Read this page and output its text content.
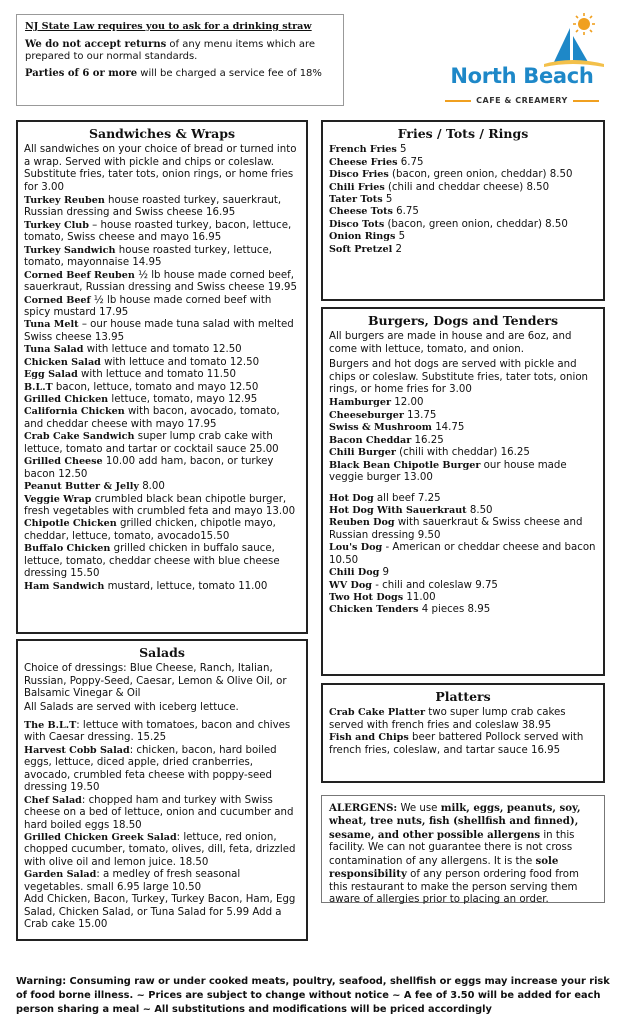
NJ State Law requires you to ask for a drinking straw

We do not accept returns of any menu items which are prepared to our normal standards.

Parties of 6 or more will be charged a service fee of 18%	North Beach
CAFE & CREAMERY
Sandwiches & Wraps
All sandwiches on your choice of bread or turned into a wrap. Served with pickle and chips or coleslaw. Substitute fries, tater tots, onion rings, or home fries for 3.00
Turkey Reuben house roasted turkey, sauerkraut, Russian dressing and Swiss cheese 16.95
Turkey Club – house roasted turkey, bacon, lettuce, tomato, Swiss cheese and mayo 16.95
Turkey Sandwich house roasted turkey, lettuce, tomato, mayonnaise 14.95
Corned Beef Reuben ½ lb house made corned beef, sauerkraut, Russian dressing and Swiss cheese 19.95
Corned Beef ½ lb house made corned beef with spicy mustard 17.95
Tuna Melt – our house made tuna salad with melted Swiss cheese 13.95
Tuna Salad with lettuce and tomato 12.50
Chicken Salad with lettuce and tomato 12.50
Egg Salad with lettuce and tomato 11.50
B.L.T bacon, lettuce, tomato and mayo 12.50
Grilled Chicken lettuce, tomato, mayo 12.95
California Chicken with bacon, avocado, tomato, and cheddar cheese with mayo 17.95
Crab Cake Sandwich super lump crab cake with lettuce, tomato and tartar or cocktail sauce 25.00
Grilled Cheese 10.00 add ham, bacon, or turkey bacon 12.50
Peanut Butter & Jelly 8.00
Veggie Wrap crumbled black bean chipotle burger, fresh vegetables with crumbled feta and mayo 13.00
Chipotle Chicken grilled chicken, chipotle mayo, cheddar, lettuce, tomato, avocado15.50
Buffalo Chicken grilled chicken in buffalo sauce, lettuce, tomato, cheddar cheese with blue cheese dressing 15.50
Ham Sandwich mustard, lettuce, tomato 11.00
Salads
Choice of dressings: Blue Cheese, Ranch, Italian, Russian, Poppy-Seed, Caesar, Lemon & Olive Oil, or Balsamic Vinegar & Oil
All Salads are served with iceberg lettuce.
The B.L.T: lettuce with tomatoes, bacon and chives with Caesar dressing. 15.25
Harvest Cobb Salad: chicken, bacon, hard boiled eggs, lettuce, diced apple, dried cranberries, avocado, crumbled feta cheese with poppy-seed dressing 19.50
Chef Salad: chopped ham and turkey with Swiss cheese on a bed of lettuce, onion and cucumber and hard boiled eggs 18.50
Grilled Chicken Greek Salad: lettuce, red onion, chopped cucumber, tomato, olives, dill, feta, drizzled with olive oil and lemon juice. 18.50
Garden Salad: a medley of fresh seasonal vegetables. small 6.95 large 10.50
Add Chicken, Bacon, Turkey, Turkey Bacon, Ham, Egg Salad, Chicken Salad, or Tuna Salad for 5.99 Add a Crab cake 15.00
Fries / Tots / Rings
French Fries 5
Cheese Fries 6.75
Disco Fries (bacon, green onion, cheddar) 8.50
Chili Fries (chili and cheddar cheese) 8.50
Tater Tots 5
Cheese Tots 6.75
Disco Tots (bacon, green onion, cheddar) 8.50
Onion Rings 5
Soft Pretzel 2
Burgers, Dogs and Tenders
All burgers are made in house and are 6oz, and come with lettuce, tomato, and onion.
Burgers and hot dogs are served with pickle and chips or coleslaw. Substitute fries, tater tots, onion rings, or home fries for 3.00
Hamburger 12.00
Cheeseburger 13.75
Swiss & Mushroom 14.75
Bacon Cheddar 16.25
Chili Burger (chili with cheddar) 16.25
Black Bean Chipotle Burger our house made veggie burger 13.00
Hot Dog all beef 7.25
Hot Dog With Sauerkraut 8.50
Reuben Dog with sauerkraut & Swiss cheese and Russian dressing 9.50
Lou's Dog - American or cheddar cheese and bacon 10.50
Chili Dog 9
WV Dog - chili and coleslaw 9.75
Two Hot Dogs 11.00
Chicken Tenders 4 pieces 8.95
Platters
Crab Cake Platter two super lump crab cakes served with french fries and coleslaw 38.95
Fish and Chips beer battered Pollock served with french fries, coleslaw, and tartar sauce 16.95
ALERGENS: We use milk, eggs, peanuts, soy, wheat, tree nuts, fish (shellfish and finned), sesame, and other possible allergens in this facility. We can not guarantee there is not cross contamination of any allergens. It is the sole responsibility of any person ordering food from this restaurant to make the person serving them aware of allergies prior to placing an order.
Warning: Consuming raw or under cooked meats, poultry, seafood, shellfish or eggs may increase your risk of food borne illness. ~ Prices are subject to change without notice ~ A fee of 3.50 will be added for each person sharing a meal ~ All substitutions and modifications will be priced accordingly
